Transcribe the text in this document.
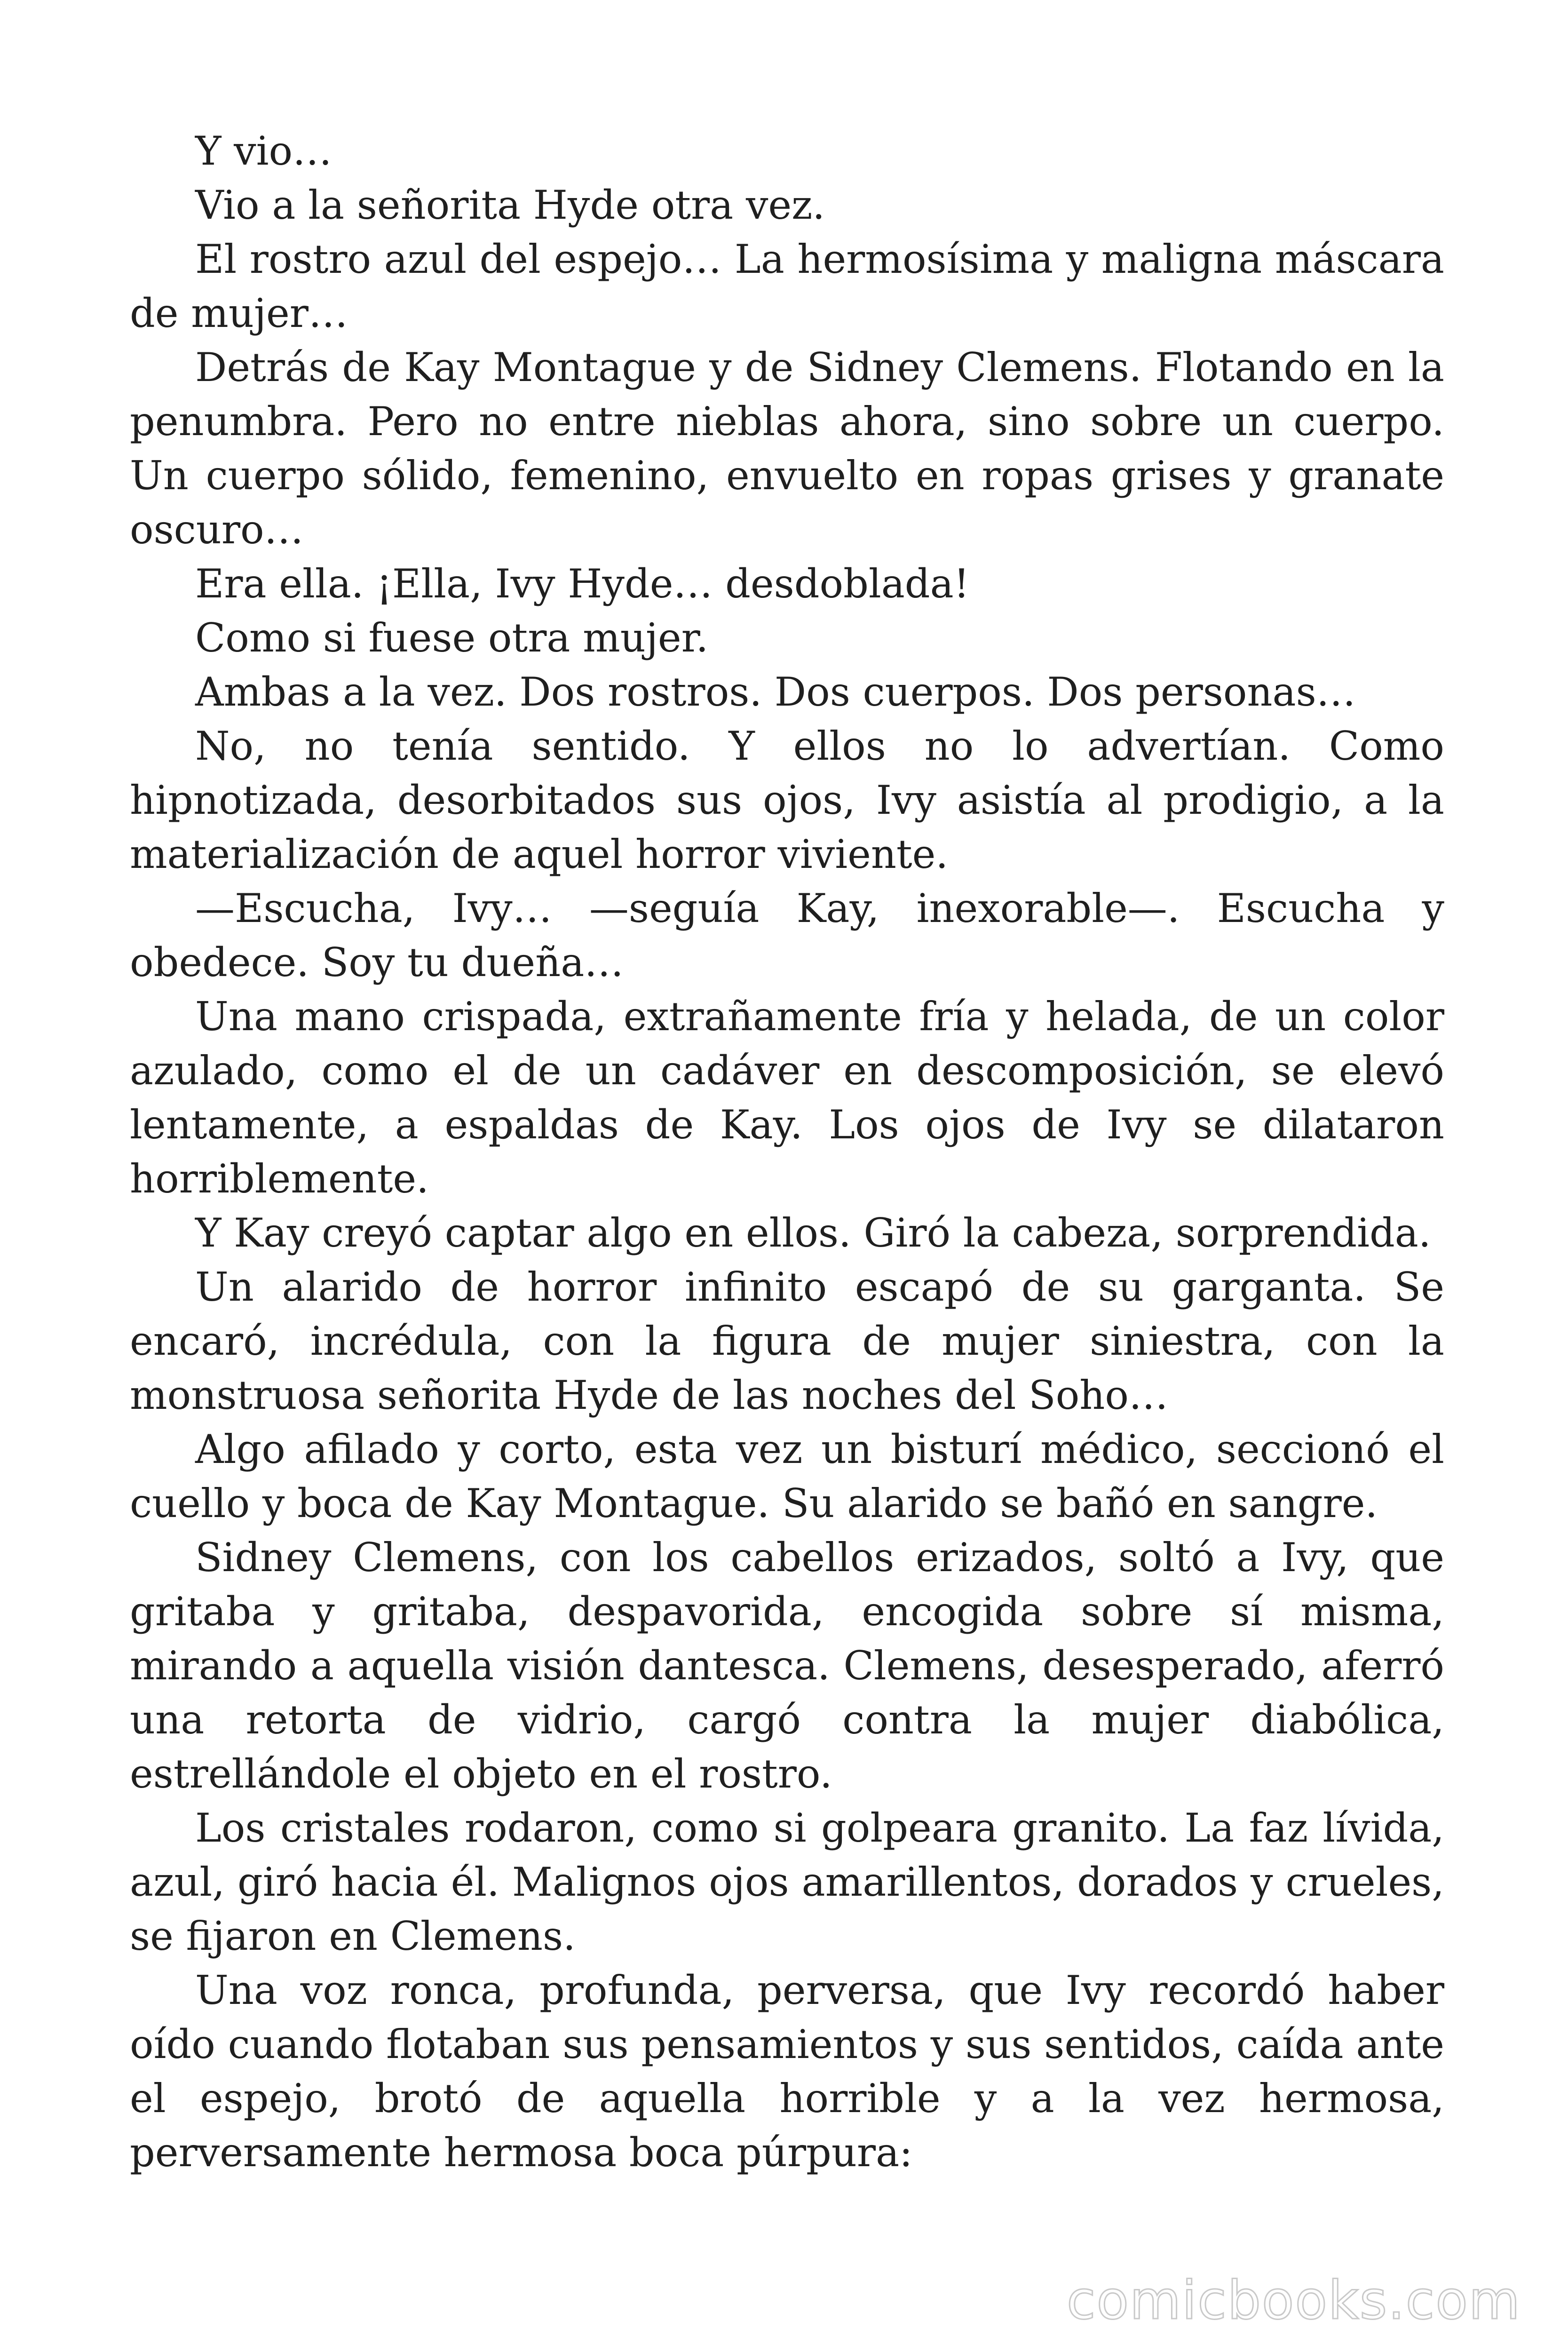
Y vio…

Vio a la señorita Hyde otra vez.

El rostro azul del espejo… La hermosísima y maligna máscara de mujer…

Detrás de Kay Montague y de Sidney Clemens. Flotando en la penumbra. Pero no entre nieblas ahora, sino sobre un cuerpo. Un cuerpo sólido, femenino, envuelto en ropas grises y granate oscuro…

Era ella. ¡Ella, Ivy Hyde… desdoblada!

Como si fuese otra mujer.

Ambas a la vez. Dos rostros. Dos cuerpos. Dos personas…

No, no tenía sentido. Y ellos no lo advertían. Como hipnotizada, desorbitados sus ojos, Ivy asistía al prodigio, a la materialización de aquel horror viviente.

—Escucha, Ivy… —seguía Kay, inexorable—. Escucha y obedece. Soy tu dueña…

Una mano crispada, extrañamente fría y helada, de un color azulado, como el de un cadáver en descomposición, se elevó lentamente, a espaldas de Kay. Los ojos de Ivy se dilataron horriblemente.

Y Kay creyó captar algo en ellos. Giró la cabeza, sorprendida.

Un alarido de horror infinito escapó de su garganta. Se encaró, incrédula, con la figura de mujer siniestra, con la monstruosa señorita Hyde de las noches del Soho…

Algo afilado y corto, esta vez un bisturí médico, seccionó el cuello y boca de Kay Montague. Su alarido se bañó en sangre.

Sidney Clemens, con los cabellos erizados, soltó a Ivy, que gritaba y gritaba, despavorida, encogida sobre sí misma, mirando a aquella visión dantesca. Clemens, desesperado, aferró una retorta de vidrio, cargó contra la mujer diabólica, estrellándole el objeto en el rostro.

Los cristales rodaron, como si golpeara granito. La faz lívida, azul, giró hacia él. Malignos ojos amarillentos, dorados y crueles, se fijaron en Clemens.

Una voz ronca, profunda, perversa, que Ivy recordó haber oído cuando flotaban sus pensamientos y sus sentidos, caída ante el espejo, brotó de aquella horrible y a la vez hermosa, perversamente hermosa boca púrpura:

comicbooks.com
